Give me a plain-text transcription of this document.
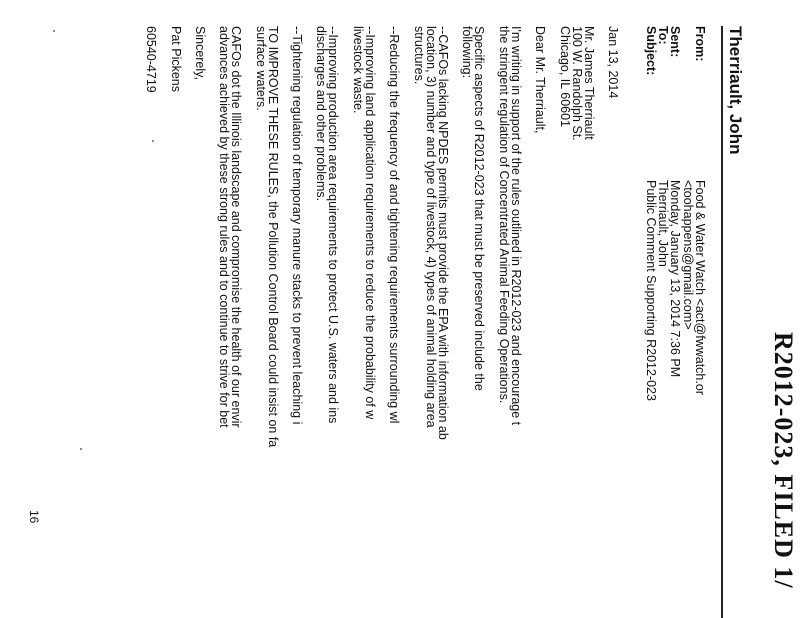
R2012-023, FILED 1/
Therriault, John
From:
Food & Water Watch <act@fwwatch.or
<toohappens@gmail.com>
Sent:
Monday, January 13, 2014 7:36 PM
To:
Therriault, John
Subject:
Public Comment Supporting R2012-023
Jan 13, 2014
Mr. James Therriault
100 W. Randolph St.
Chicago, IL 60601
Dear Mr. Therriault,
I'm writing in support of the rules outlined in R2012-023 and encourage t
the stringent regulation of Concentrated Animal Feeding Operations.
Specific aspects of R2012-023 that must be preserved include the
following:
--CAFOs lacking NPDES permits must provide the EPA with information ab
location, 3) number and type of livestock, 4) types of animal holding area
structures.
--Reducing the frequency of and tightening requirements surrounding wl
--Improving land application requirements to reduce the probability of w
livestock waste.
--Improving production area requirements to protect U.S. waters and ins
discharges and other problems.
--Tightening regulation of temporary manure stacks to prevent leaching i
TO IMPROVE THESE RULES, the Pollution Control Board could insist on fa
surface waters.
CAFOs dot the Illinois landscape and compromise the health of our envir
advances achieved by these strong rules and to continue to strive for bet
Sincerely,
Pat Pickens
60540-4719
16
